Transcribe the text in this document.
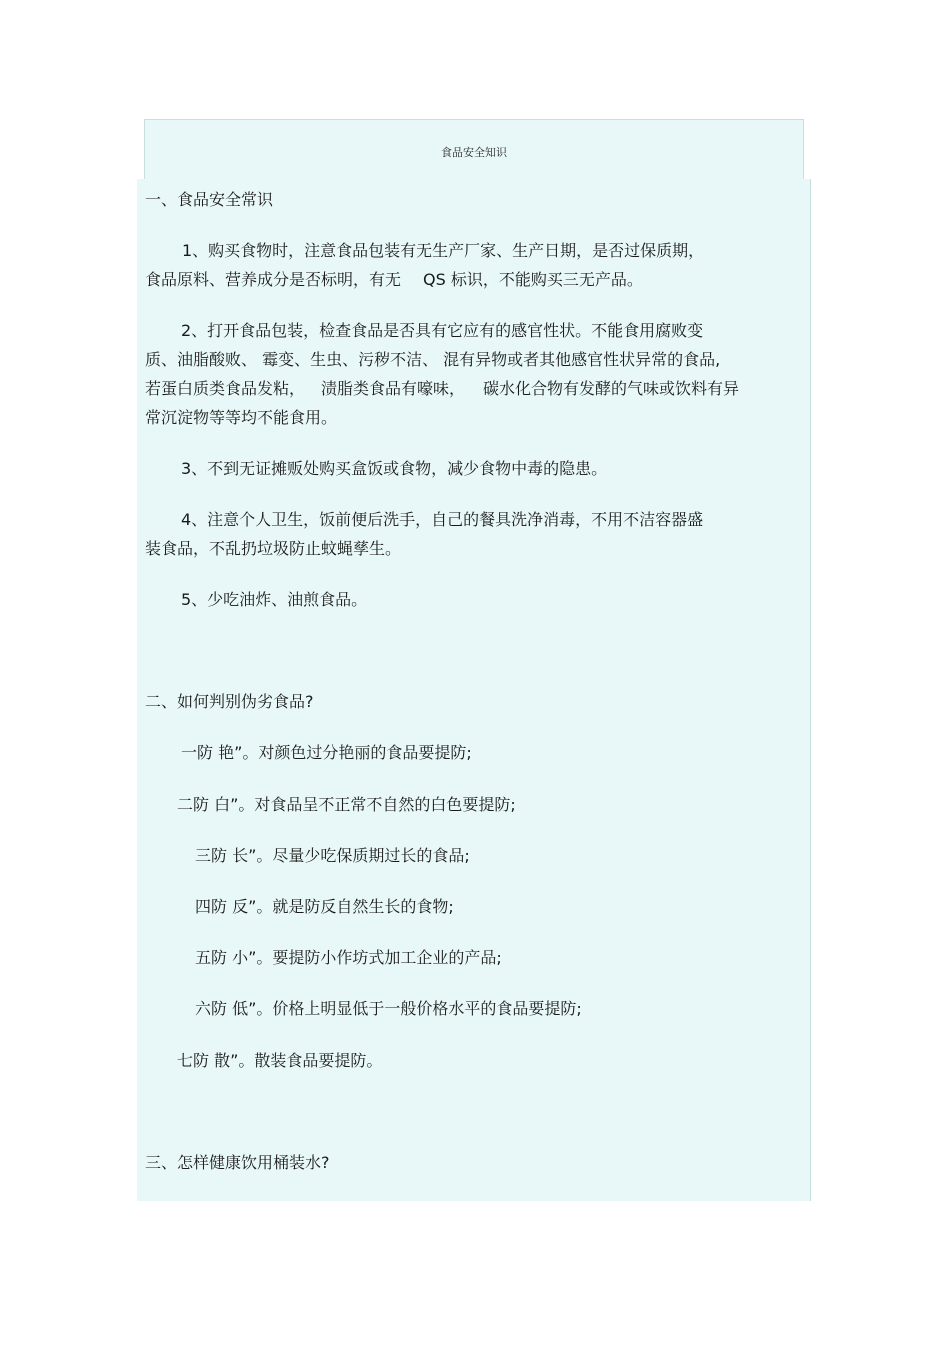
食品安全知识
一、食品安全常识
1、购买食物时，注意食品包装有无生产厂家、生产日期，是否过保质期，
食品原料、营养成分是否标明，有无 QS 标识，不能购买三无产品。
2、打开食品包装，检查食品是否具有它应有的感官性状。不能食用腐败变
质、油脂酸败、 霉变、生虫、污秽不洁、 混有异物或者其他感官性状异常的食品,
若蛋白质类食品发粘， 渍脂类食品有嚎味， 碳水化合物有发酵的气味或饮料有异
常沉淀物等等均不能食用。
3、不到无证摊贩处购买盒饭或食物，减少食物中毒的隐患。
4、注意个人卫生，饭前便后洗手，自己的餐具洗净消毒，不用不洁容器盛
装食品，不乱扔垃圾防止蚊蝇孳生。
5、少吃油炸、油煎食品。
二、如何判别伪劣食品?
一防 艳”。对颜色过分艳丽的食品要提防;
二防 白”。对食品呈不正常不自然的白色要提防;
三防 长”。尽量少吃保质期过长的食品;
四防 反”。就是防反自然生长的食物;
五防 小”。要提防小作坊式加工企业的产品;
六防 低”。价格上明显低于一般价格水平的食品要提防;
七防 散”。散装食品要提防。
三、怎样健康饮用桶装水?
